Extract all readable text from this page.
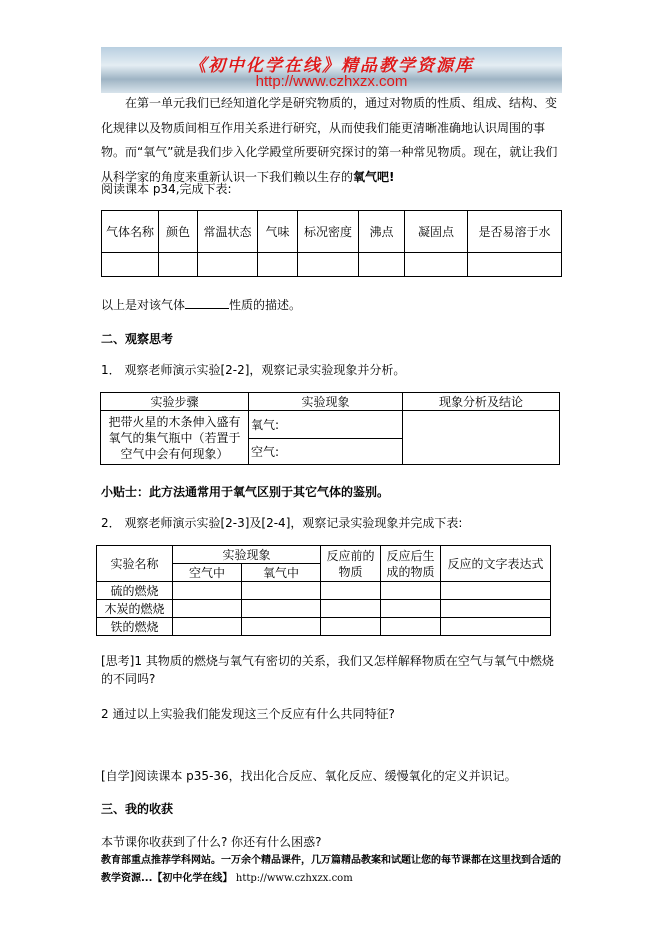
《初中化学在线》精品教学资源库
http://www.czhxzx.com
在第一单元我们已经知道化学是研究物质的，通过对物质的性质、组成、结构、变化规律以及物质间相互作用关系进行研究，从而使我们能更清晰准确地认识周围的事物。而“氧气”就是我们步入化学殿堂所要研究探讨的第一种常见物质。现在，就让我们从科学家的角度来重新认识一下我们赖以生存的氧气吧!
阅读课本 p34,完成下表:
气体名称	颜色	常温状态	气味	标况密度	沸点	凝固点	是否易溶于水

以上是对该气体	性质的描述。
二、观察思考
1． 观察老师演示实验[2-2]，观察记录实验现象并分析。
实验步骤	实验现象	现象分析及结论
把带火星的木条伸入盛有氧气的集气瓶中（若置于空气中会有何现象）	氧气:	
	空气:	
小贴士：此方法通常用于氧气区别于其它气体的鉴别。
2． 观察老师演示实验[2-3]及[2-4]，观察记录实验现象并完成下表:
实验名称	实验现象		反应前的物质	反应后生成的物质	反应的文字表达式
	空气中	氧气中			
硫的燃烧					
木炭的燃烧					
铁的燃烧					
[思考]1 其物质的燃烧与氧气有密切的关系，我们又怎样解释物质在空气与氧气中燃烧的不同吗?
2 通过以上实验我们能发现这三个反应有什么共同特征?
[自学]阅读课本 p35-36，找出化合反应、氧化反应、缓慢氧化的定义并识记。
三、我的收获
本节课你收获到了什么? 你还有什么困惑?
教育部重点推荐学科网站。一万余个精品课件，几万篇精品教案和试题让您的每节课都在这里找到合适的教学资源...【初中化学在线】 http://www.czhxzx.com
